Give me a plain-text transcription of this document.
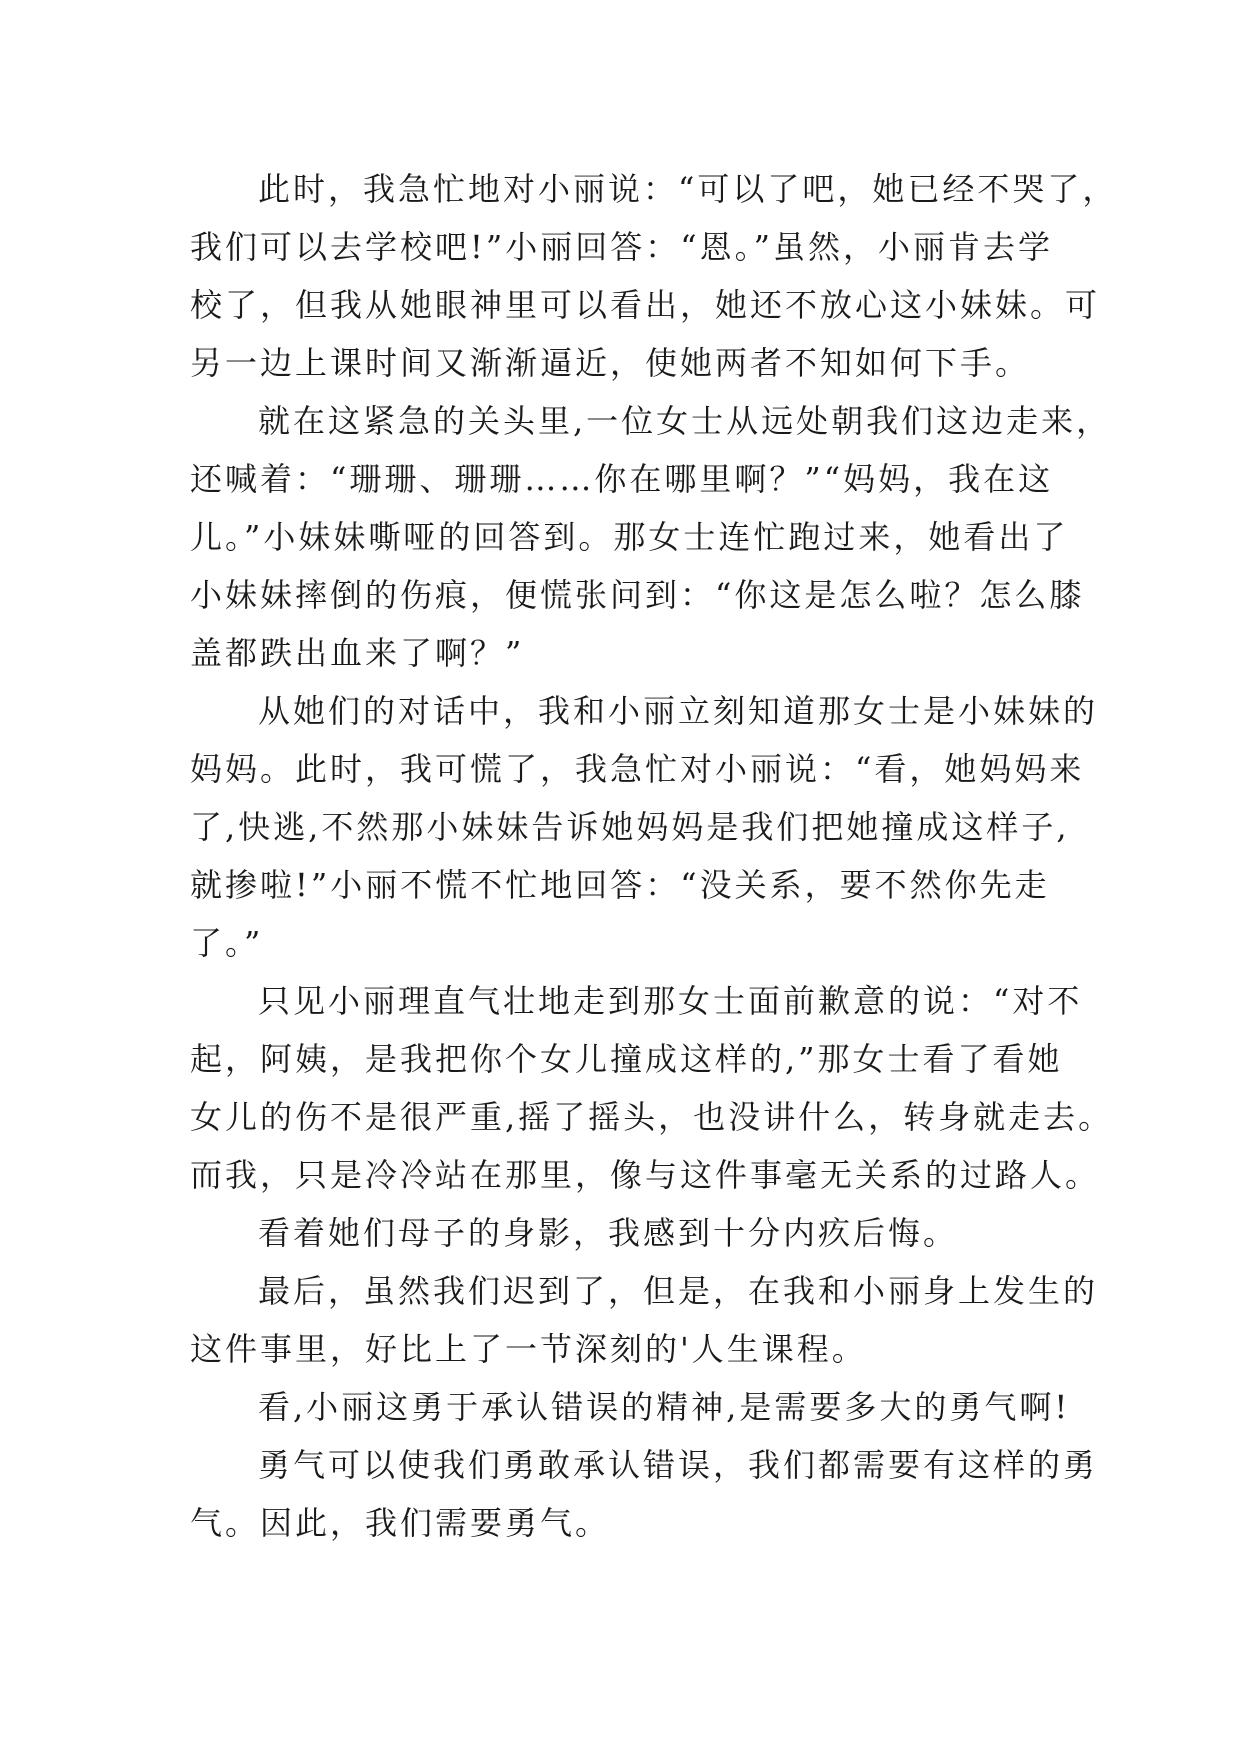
此时，我急忙地对小丽说：“可以了吧，她已经不哭了，
我们可以去学校吧!”小丽回答：“恩。”虽然，小丽肯去学
校了，但我从她眼神里可以看出，她还不放心这小妹妹。可
另一边上课时间又渐渐逼近，使她两者不知如何下手。

就在这紧急的关头里,一位女士从远处朝我们这边走来，
还喊着：“珊珊、珊珊……你在哪里啊？”“妈妈，我在这
儿。”小妹妹嘶哑的回答到。那女士连忙跑过来，她看出了
小妹妹摔倒的伤痕，便慌张问到：“你这是怎么啦？怎么膝
盖都跌出血来了啊？”

从她们的对话中，我和小丽立刻知道那女士是小妹妹的
妈妈。此时，我可慌了，我急忙对小丽说：“看，她妈妈来
了,快逃,不然那小妹妹告诉她妈妈是我们把她撞成这样子,
就掺啦!”小丽不慌不忙地回答：“没关系，要不然你先走
了。”

只见小丽理直气壮地走到那女士面前歉意的说：“对不
起，阿姨，是我把你个女儿撞成这样的,”那女士看了看她
女儿的伤不是很严重,摇了摇头，也没讲什么，转身就走去。
而我，只是冷冷站在那里，像与这件事毫无关系的过路人。

看着她们母子的身影，我感到十分内疚后悔。

最后，虽然我们迟到了，但是，在我和小丽身上发生的
这件事里，好比上了一节深刻的'人生课程。

看,小丽这勇于承认错误的精神,是需要多大的勇气啊!

勇气可以使我们勇敢承认错误，我们都需要有这样的勇
气。因此，我们需要勇气。
